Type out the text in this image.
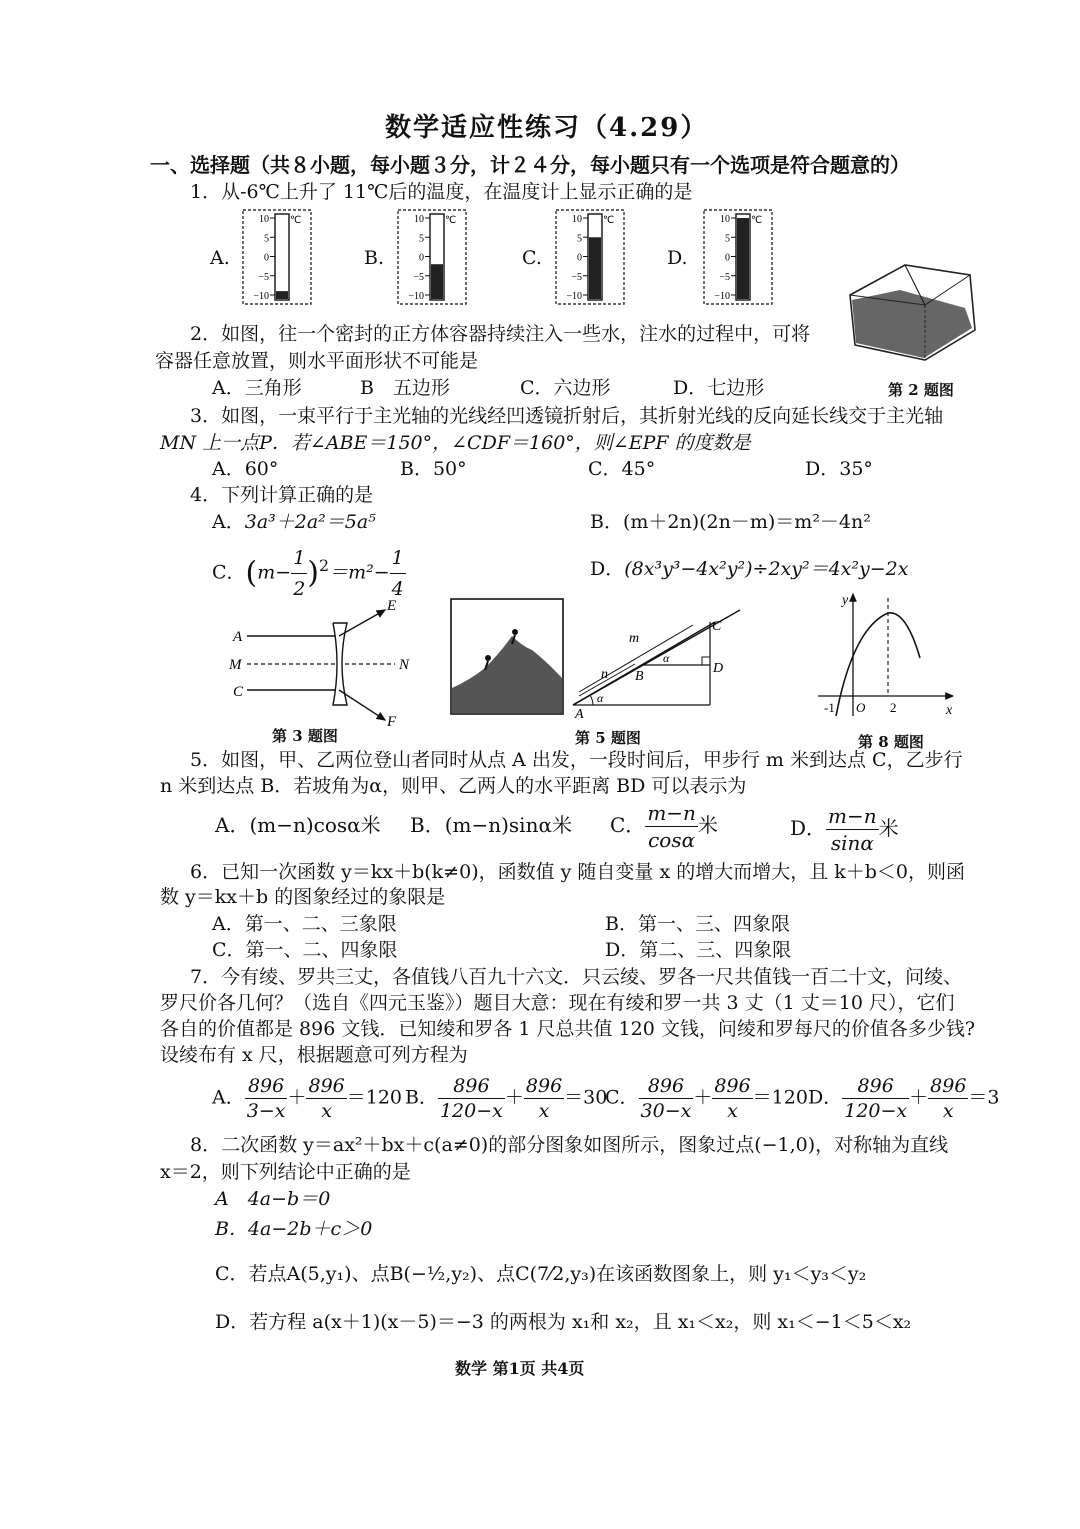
数学适应性练习（4.29）
一、选择题（共８小题，每小题３分，计２４分，每小题只有一个选项是符合题意的）
1．从-6℃上升了 11℃后的温度，在温度计上显示正确的是
A.
10
5
0
−5
−10
℃
B.
10
5
0
−5
−10
℃
C.
10
5
0
−5
−10
℃
D.
10
5
0
−5
−10
℃
2．如图，往一个密封的正方体容器持续注入一些水，注水的过程中，可将
容器任意放置，则水平面形状不可能是
A．三角形	B　五边形	C．六边形	D．七边形	第 2 题图
3．如图，一束平行于主光轴的光线经凹透镜折射后，其折射光线的反向延长线交于主光轴
MN 上一点P．若∠ABE＝150°，∠CDF＝160°，则∠EPF 的度数是
A．60°	B．50°	C．45°	D．35°
4．下列计算正确的是
A．3a³＋2a²＝5a⁵	B．(m＋2n)(2n－m)＝m²－4n²
C．$(m- \frac{1}{2} )^2=m^2- \frac{1}{4}$	D．(8x³y³−4x²y²)÷2xy²＝4x²y−2x
A
M
C
E
N
F
第 3 题图
m
n
C
D
B
A
α
α
第 5 题图
y
x
O
-1	2
第 8 题图
5．如图，甲、乙两位登山者同时从点 A 出发，一段时间后，甲步行 m 米到达点 C，乙步行
n 米到达点 B．若坡角为α，则甲、乙两人的水平距离 BD 可以表示为
A．(m−n)cosα米 B．(m−n)sinα米 C． $\frac{m-n}{\cos\alpha}$ 米	D． $\frac{m-n}{\sin\alpha}$ 米
6．已知一次函数 y＝kx＋b(k≠0)，函数值 y 随自变量 x 的增大而增大，且 k＋b＜0，则函
数 y＝kx＋b 的图象经过的象限是
A．第一、二、三象限	B．第一、三、四象限
C．第一、二、四象限	D．第二、三、四象限
7．今有绫、罗共三丈，各值钱八百九十六文．只云绫、罗各一尺共值钱一百二十文，问绫、
罗尺价各几何？（选自《四元玉鉴》）题目大意：现在有绫和罗一共 3 丈（1 丈＝10 尺），它们
各自的价值都是 896 文钱．已知绫和罗各 1 尺总共值 120 文钱，问绫和罗每尺的价值各多少钱?
设绫布有 x 尺，根据题意可列方程为
A． $\frac{896}{3-x} + \frac{896}{x} =120$ B． $\frac{896}{120-x} + \frac{896}{x} =30$
C． $\frac{896}{30-x} + \frac{896}{x} =120$ D． $\frac{896}{120-x} + \frac{896}{x} =3$
8．二次函数 y＝ax²＋bx＋c(a≠0)的部分图象如图所示，图象过点(−1,0)，对称轴为直线
x＝2，则下列结论中正确的是
A　4a−b＝0
B．4a−2b＋c＞0
C．若点A(5,y₁)、点B(−½,y₂)、点C(7⁄2,y₃)在该函数图象上，则 y₁＜y₃＜y₂
D．若方程 a(x＋1)(x－5)＝−3 的两根为 x₁和 x₂，且 x₁＜x₂，则 x₁＜−1＜5＜x₂
数学 第1页 共4页
